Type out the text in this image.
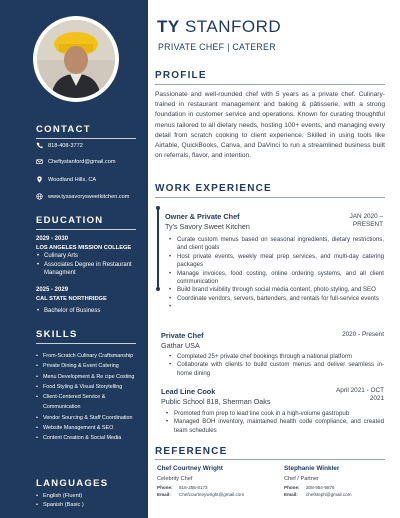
CONTACT
818-408-3772
Cheftystanford@gmail.com
Woodland Hills, CA
www.tyssavorysweetkitchen.com
EDUCATION
2029 - 2030
LOS ANGELES MISSION COLLEGE
• Culinary Arts
• Associates Degree in Restaurant Managment
2025 - 2029
CAL STATE NORTHRIDGE
• Bachelor of Business
SKILLS
• From-Scratch Culinary Craftsmanship
• Private Dining & Event Catering
• Menu Development & Re cipe Costing
• Food Styling & Visual Storytelling
• Client-Centered Service & Communication
• Vendor Sourcing & Staff Coordination
• Website Management & SEO
• Content Creation & Social Media
LANGUAGES
• English (Fluent)
• Spanish (Basic )
TY STANFORD
PRIVATE CHEF | CATERER
PROFILE
Passionate and well-rounded chef with 5 years as a private chef. Culinary-trained in restaurant management and baking & pâtisserie, with a strong foundation in customer service and operations. Known for curating thoughtful menus tailored to all dietary needs, hosting 100+ events, and managing every detail from scratch cooking to client experience. Skilled in using tools like Airtable, QuickBooks, Canva, and DaVinci to run a streamlined business built on referrals, flavor, and intention.
WORK EXPERIENCE
Owner & Private Chef
Ty's Savory Sweet Kitchen
JAN 2020 – PRESENT
• Curate custom menus based on seasonal ingredients, dietary restrictions, and client goals
• Host private events, weekly meal prep services, and multi-day catering packages
• Manage invoices, food costing, online ordering systems, and all client communication
• Build brand visibility through social media content, photo styling, and SEO
• Coordinate vendors, servers, bartenders, and rentals for full-service events
•
Private Chef
Gathar USA
2020 - Present
• Completed 25+ private chef bookings through a national platform
• Collaborate with clients to build custom menus and deliver seamless in-home dining
Lead Line Cook
Public School 818, Sherman Oaks
April 2021 - OCT 2021
• Promoted from prep to lead line cook in a high-volume gastropub
• Managed BOH inventory, maintained health code compliance, and created team schedules
REFERENCE
Chef Courtney Wright
Celebrity Chef
Phone: 816-255-8173
Email: Chefcourtneywright@gmail.com
Stephanie Winkler
Chef / Partner
Phone: 208-954-9876
Email: chefsteph@gmail.com
